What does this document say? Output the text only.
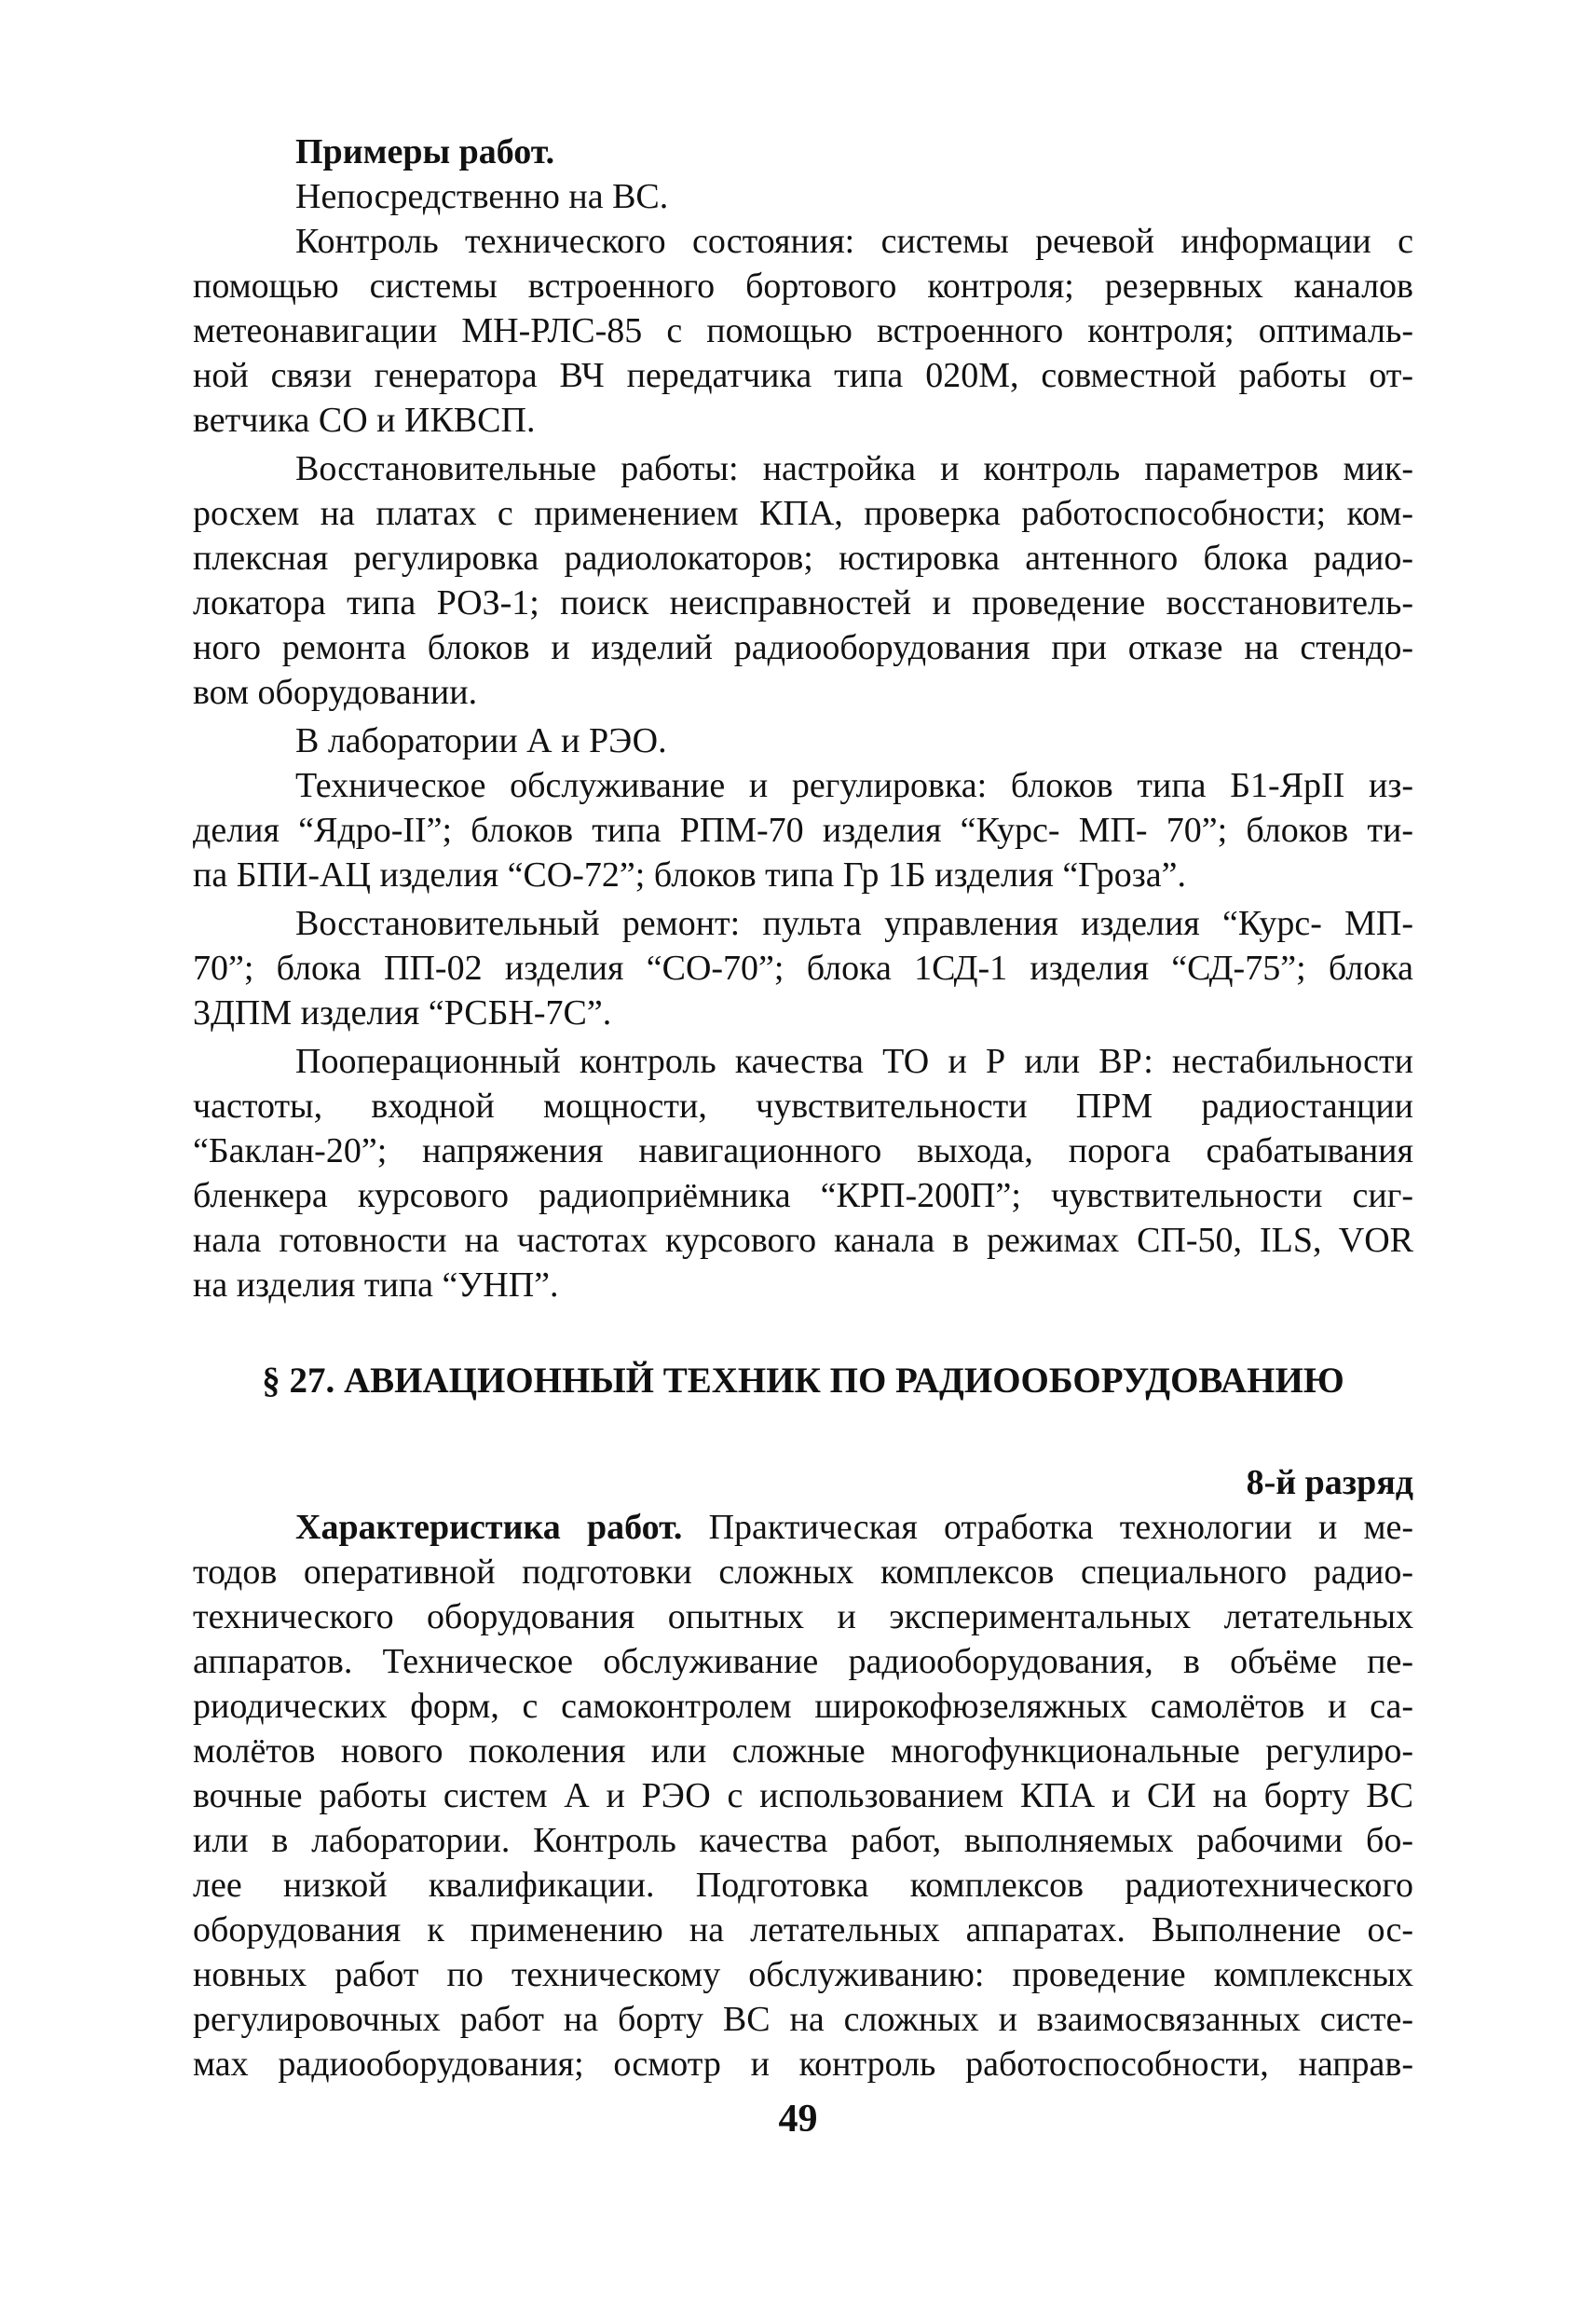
Примеры работ.
Непосредственно на ВС.
Контроль технического состояния: системы речевой информации с
помощью системы встроенного бортового контроля; резервных каналов
метеонавигации МН-РЛС-85 с помощью встроенного контроля; оптималь-
ной связи генератора ВЧ передатчика типа 020М, совместной работы от-
ветчика СО и ИКВСП.
Восстановительные работы: настройка и контроль параметров мик-
росхем на платах с применением КПА, проверка работоспособности; ком-
плексная регулировка радиолокаторов; юстировка антенного блока радио-
локатора типа РОЗ-1; поиск неисправностей и проведение восстановитель-
ного ремонта блоков и изделий радиооборудования при отказе на стендо-
вом оборудовании.
В лаборатории А и РЭО.
Техническое обслуживание и регулировка: блоков типа Б1-ЯрII из-
делия “Ядро-II”; блоков типа РПМ-70 изделия “Курс- МП- 70”; блоков ти-
па БПИ-АЦ изделия “СО-72”; блоков типа Гр 1Б изделия “Гроза”.
Восстановительный ремонт: пульта управления изделия “Курс- МП-
70”; блока ПП-02 изделия “СО-70”; блока 1СД-1 изделия “СД-75”; блока
3ДПМ изделия “РСБН-7С”.
Пооперационный контроль качества ТО и Р или ВР: нестабильности
частоты, входной мощности, чувствительности ПРМ радиостанции
“Баклан-20”; напряжения навигационного выхода, порога срабатывания
бленкера курсового радиоприёмника “КРП-200П”; чувствительности сиг-
нала готовности на частотах курсового канала в режимах СП-50, ILS, VOR
на изделия типа “УНП”.
§ 27. АВИАЦИОННЫЙ ТЕХНИК ПО РАДИООБОРУДОВАНИЮ
8-й разряд
Характеристика работ. Практическая отработка технологии и ме-
тодов оперативной подготовки сложных комплексов специального радио-
технического оборудования опытных и экспериментальных летательных
аппаратов. Техническое обслуживание радиооборудования, в объёме пе-
риодических форм, с самоконтролем широкофюзеляжных самолётов и са-
молётов нового поколения или сложные многофункциональные регулиро-
вочные работы систем А и РЭО с использованием КПА и СИ на борту ВС
или в лаборатории. Контроль качества работ, выполняемых рабочими бо-
лее низкой квалификации. Подготовка комплексов радиотехнического
оборудования к применению на летательных аппаратах. Выполнение ос-
новных работ по техническому обслуживанию: проведение комплексных
регулировочных работ на борту ВС на сложных и взаимосвязанных систе-
мах радиооборудования; осмотр и контроль работоспособности, направ-
49
